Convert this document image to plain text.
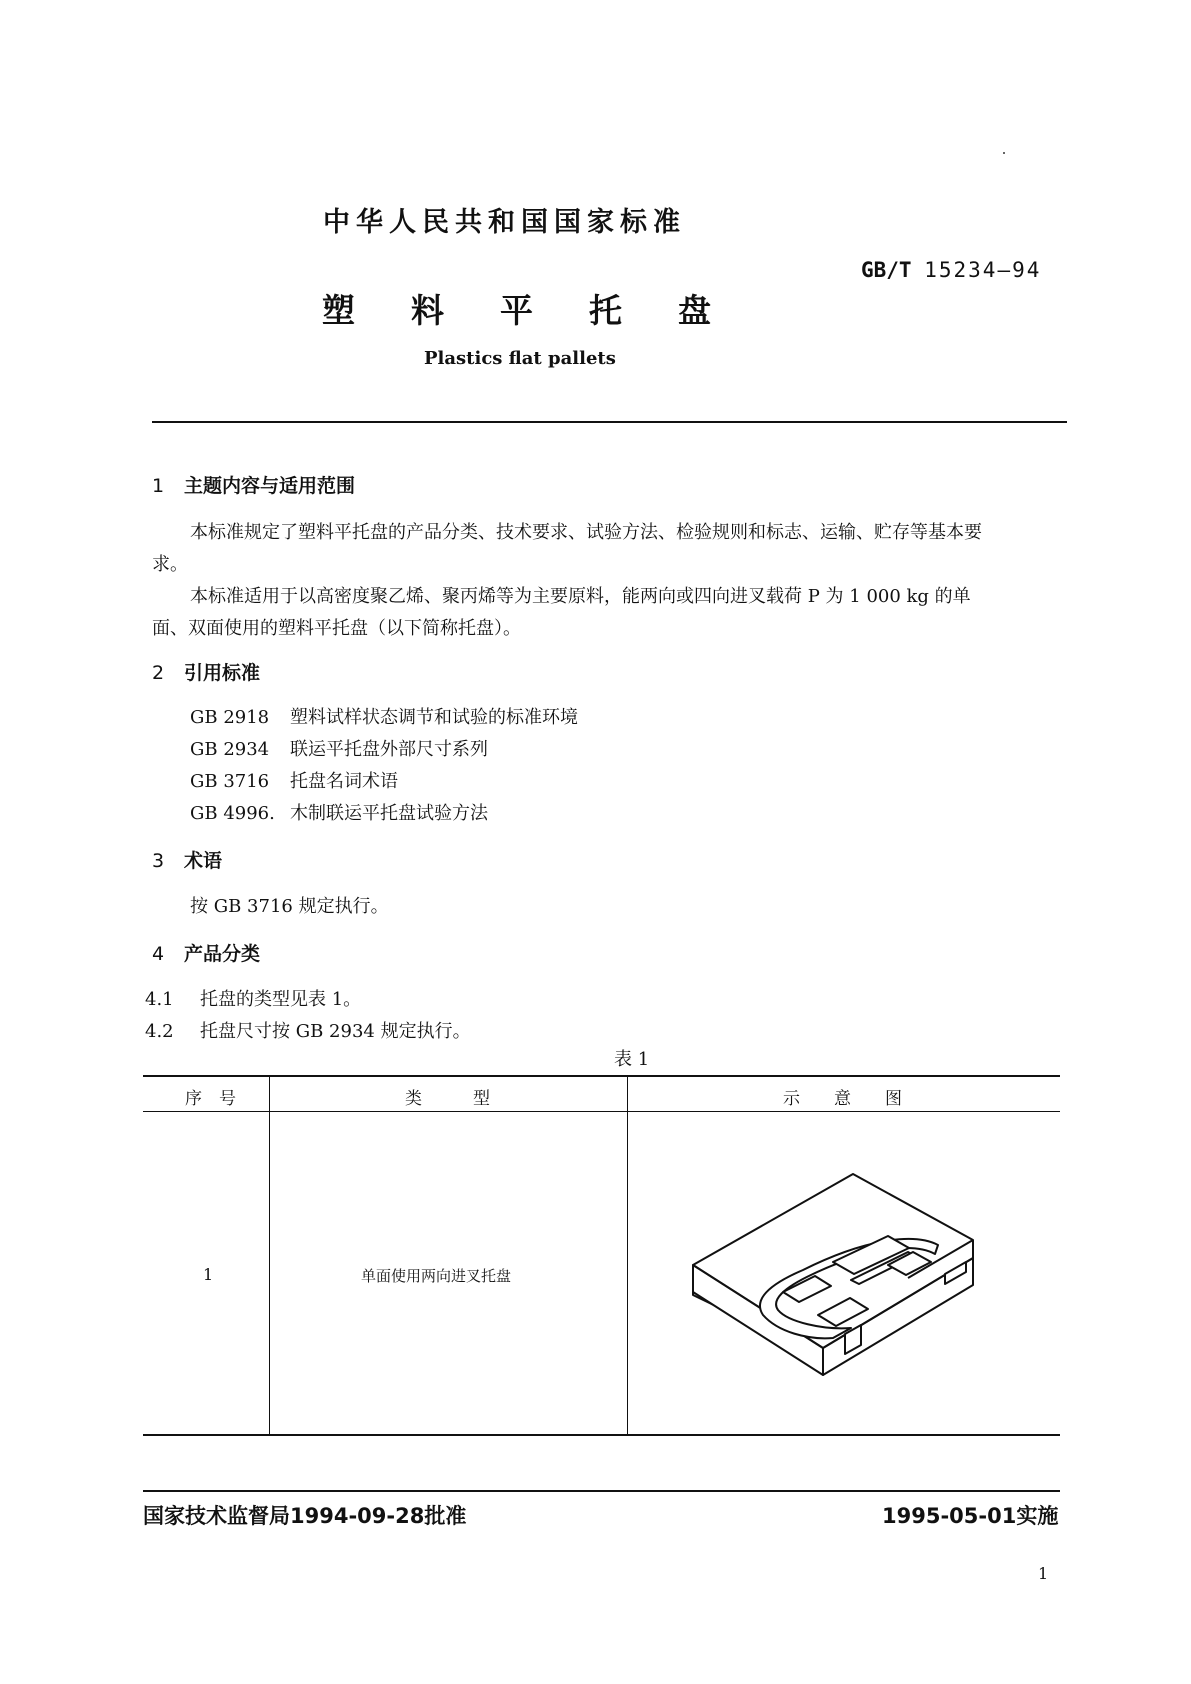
中华人民共和国国家标准
GB/T 15234—94
塑料平托盘
Plastics flat pallets
1 主题内容与适用范围
本标准规定了塑料平托盘的产品分类、技术要求、试验方法、检验规则和标志、运输、贮存等基本要
求。
本标准适用于以高密度聚乙烯、聚丙烯等为主要原料，能两向或四向进叉载荷 P 为 1 000 kg 的单
面、双面使用的塑料平托盘（以下简称托盘）。
2 引用标准
GB 2918 塑料试样状态调节和试验的标准环境
GB 2934 联运平托盘外部尺寸系列
GB 3716 托盘名词术语
GB 4996. 木制联运平托盘试验方法
3 术语
按 GB 3716 规定执行。
4 产品分类
4.1 托盘的类型见表 1。
4.2 托盘尺寸按 GB 2934 规定执行。
表 1
序　号	类　　　型	示　　意　　图
1	单面使用两向进叉托盘
国家技术监督局1994-09-28批准	1995-05-01实施
1
